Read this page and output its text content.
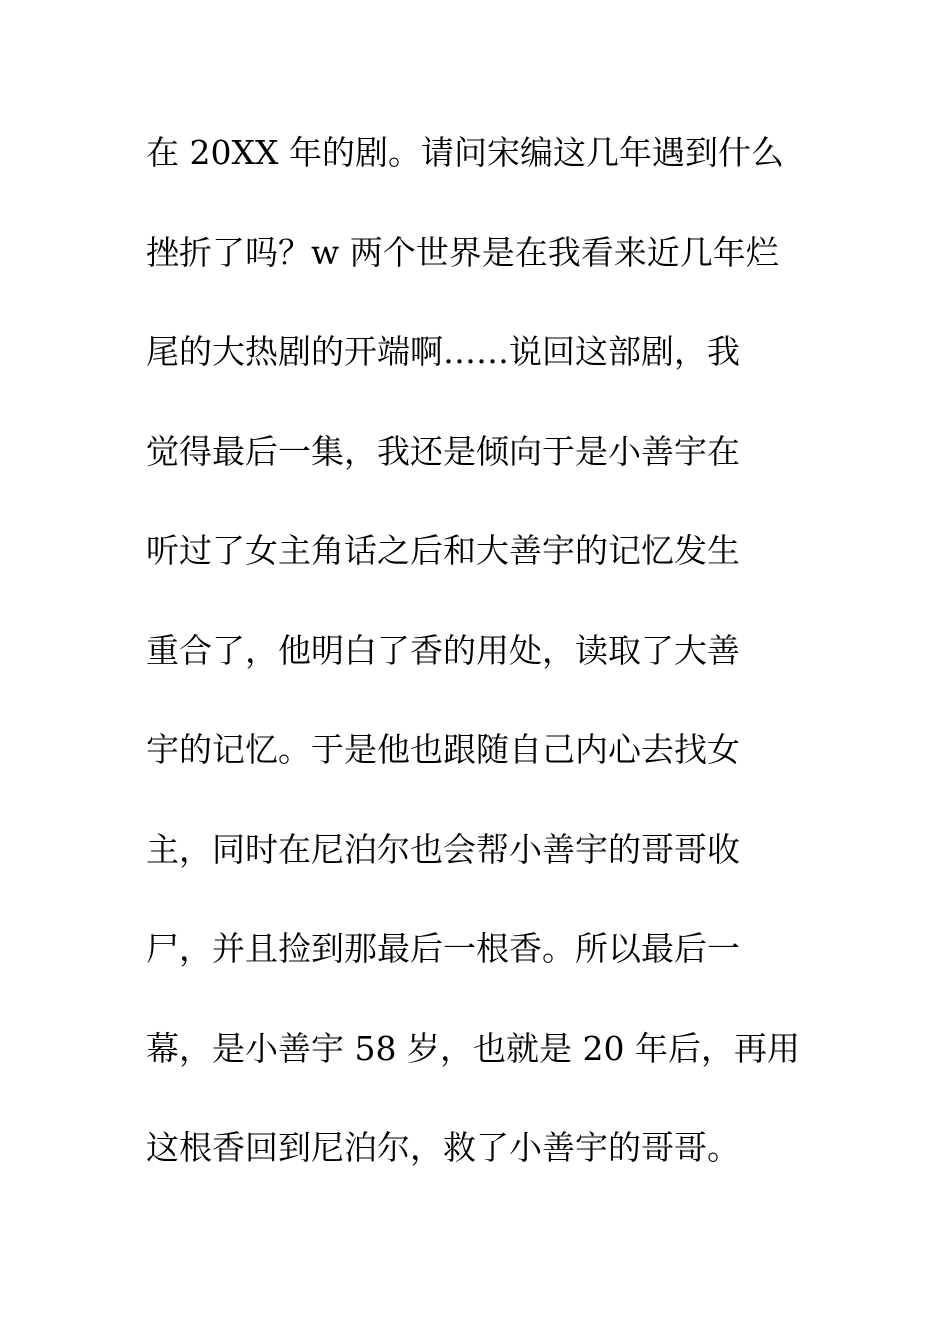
在 20XX 年的剧。请问宋编这几年遇到什么
挫折了吗？w 两个世界是在我看来近几年烂
尾的大热剧的开端啊……说回这部剧，我
觉得最后一集，我还是倾向于是小善宇在
听过了女主角话之后和大善宇的记忆发生
重合了，他明白了香的用处，读取了大善
宇的记忆。于是他也跟随自己内心去找女
主，同时在尼泊尔也会帮小善宇的哥哥收
尸，并且捡到那最后一根香。所以最后一
幕，是小善宇 58 岁，也就是 20 年后，再用
这根香回到尼泊尔，救了小善宇的哥哥。
